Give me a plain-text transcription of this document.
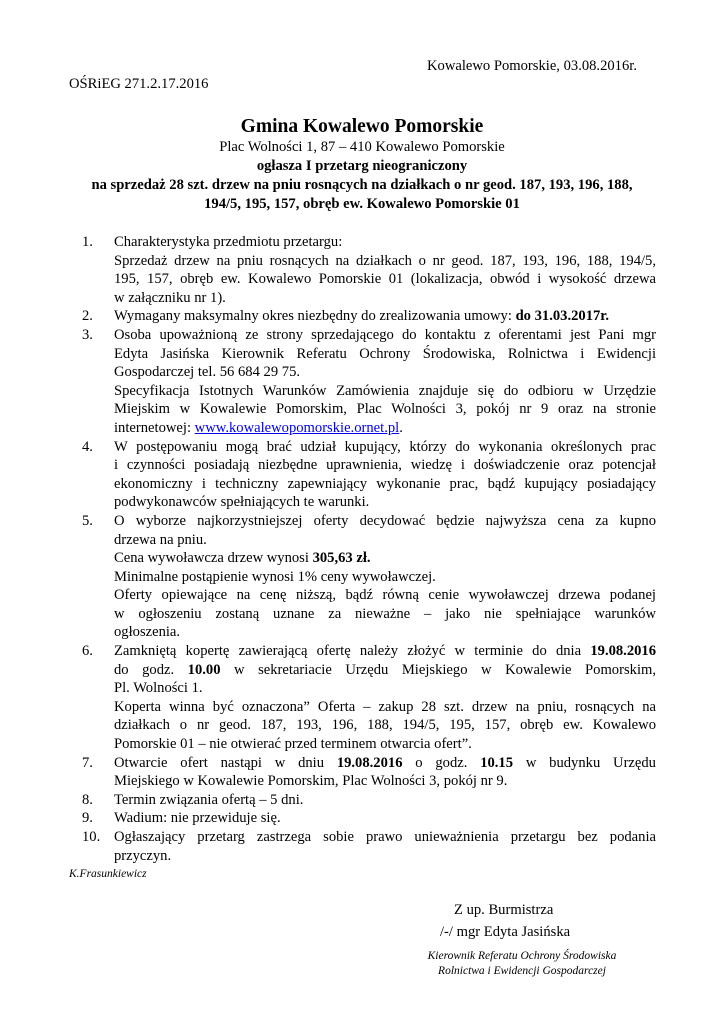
Kowalewo Pomorskie, 03.08.2016r.
OŚRiEG 271.2.17.2016
Gmina Kowalewo Pomorskie
Plac Wolności 1, 87 – 410 Kowalewo Pomorskie
ogłasza I przetarg nieograniczony
na sprzedaż 28 szt. drzew na pniu rosnących na działkach o nr geod. 187, 193, 196, 188,
194/5, 195, 157, obręb ew. Kowalewo Pomorskie 01
1.	Charakterystyka przedmiotu przetargu:
Sprzedaż drzew na pniu rosnących na działkach o nr geod. 187, 193, 196, 188, 194/5,
195, 157, obręb ew. Kowalewo Pomorskie 01 (lokalizacja, obwód i wysokość drzewa
w załączniku nr 1).
2.	Wymagany maksymalny okres niezbędny do zrealizowania umowy: do 31.03.2017r.
3.	Osoba upoważnioną ze strony sprzedającego do kontaktu z oferentami jest Pani mgr
Edyta Jasińska Kierownik Referatu Ochrony Środowiska, Rolnictwa i Ewidencji
Gospodarczej tel. 56 684 29 75.
Specyfikacja Istotnych Warunków Zamówienia znajduje się do odbioru w Urzędzie
Miejskim w Kowalewie Pomorskim, Plac Wolności 3, pokój nr 9 oraz na stronie
internetowej: www.kowalewopomorskie.ornet.pl.
4.	W postępowaniu mogą brać udział kupujący, którzy do wykonania określonych prac
i czynności posiadają niezbędne uprawnienia, wiedzę i doświadczenie oraz potencjał
ekonomiczny i techniczny zapewniający wykonanie prac, bądź kupujący posiadający
podwykonawców spełniających te warunki.
5.	O wyborze najkorzystniejszej oferty decydować będzie najwyższa cena za kupno
drzewa na pniu.
Cena wywoławcza drzew wynosi 305,63 zł.
Minimalne postąpienie wynosi 1% ceny wywoławczej.
Oferty opiewające na cenę niższą, bądź równą cenie wywoławczej drzewa podanej
w ogłoszeniu zostaną uznane za nieważne – jako nie spełniające warunków
ogłoszenia.
6.	Zamkniętą kopertę zawierającą ofertę należy złożyć w terminie do dnia 19.08.2016
do godz. 10.00 w sekretariacie Urzędu Miejskiego w Kowalewie Pomorskim,
Pl. Wolności 1.
Koperta winna być oznaczona” Oferta – zakup 28 szt. drzew na pniu, rosnących na
działkach o nr geod. 187, 193, 196, 188, 194/5, 195, 157, obręb ew. Kowalewo
Pomorskie 01 – nie otwierać przed terminem otwarcia ofert”.
7.	Otwarcie ofert nastąpi w dniu 19.08.2016 o godz. 10.15 w budynku Urzędu
Miejskiego w Kowalewie Pomorskim, Plac Wolności 3, pokój nr 9.
8.	Termin związania ofertą – 5 dni.
9.	Wadium: nie przewiduje się.
10. Ogłaszający przetarg zastrzega sobie prawo unieważnienia przetargu bez podania
przyczyn.
K.Frasunkiewicz
Z up. Burmistrza
/-/ mgr Edyta Jasińska
Kierownik Referatu Ochrony Środowiska
Rolnictwa i Ewidencji Gospodarczej
